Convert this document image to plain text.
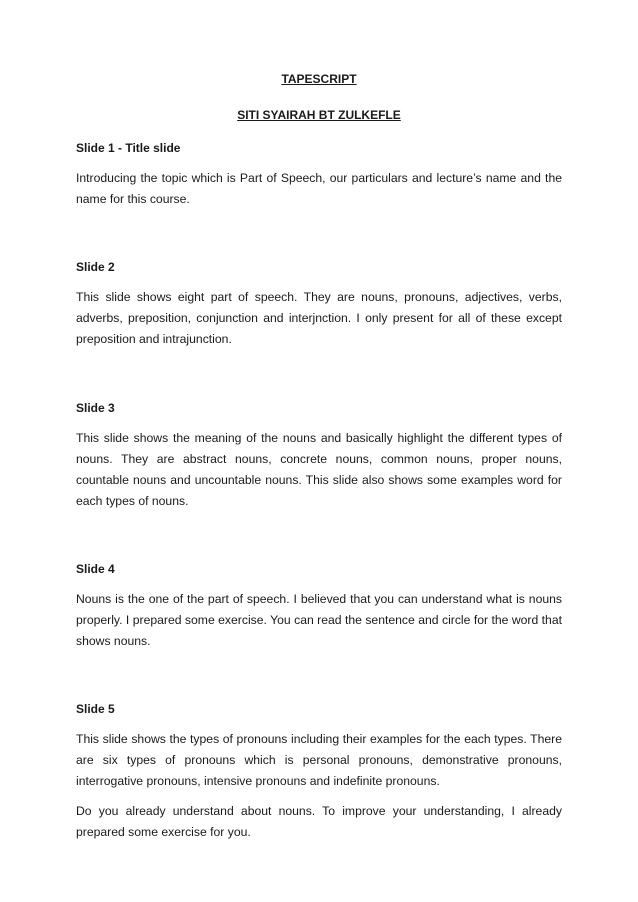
TAPESCRIPT

SITI SYAIRAH BT ZULKEFLE

Slide 1 - Title slide

Introducing the topic which is Part of Speech, our particulars and lecture’s name and the name for this course.

Slide 2

This slide shows eight part of speech. They are nouns, pronouns, adjectives, verbs, adverbs, preposition, conjunction and interjnction. I only present for all of these except preposition and intrajunction.

Slide 3

This slide shows the meaning of the nouns and basically highlight the different types of nouns. They are abstract nouns, concrete nouns, common nouns, proper nouns, countable nouns and uncountable nouns. This slide also shows some examples word for each types of nouns.

Slide 4

Nouns is the one of the part of speech. I believed that you can understand what is nouns properly. I prepared some exercise. You can read the sentence and circle for the word that shows nouns.

Slide 5

This slide shows the types of pronouns including their examples for the each types. There are six types of pronouns which is personal pronouns, demonstrative pronouns, interrogative pronouns, intensive pronouns and indefinite pronouns.

Do you already understand about nouns. To improve your understanding, I already prepared some exercise for you.
